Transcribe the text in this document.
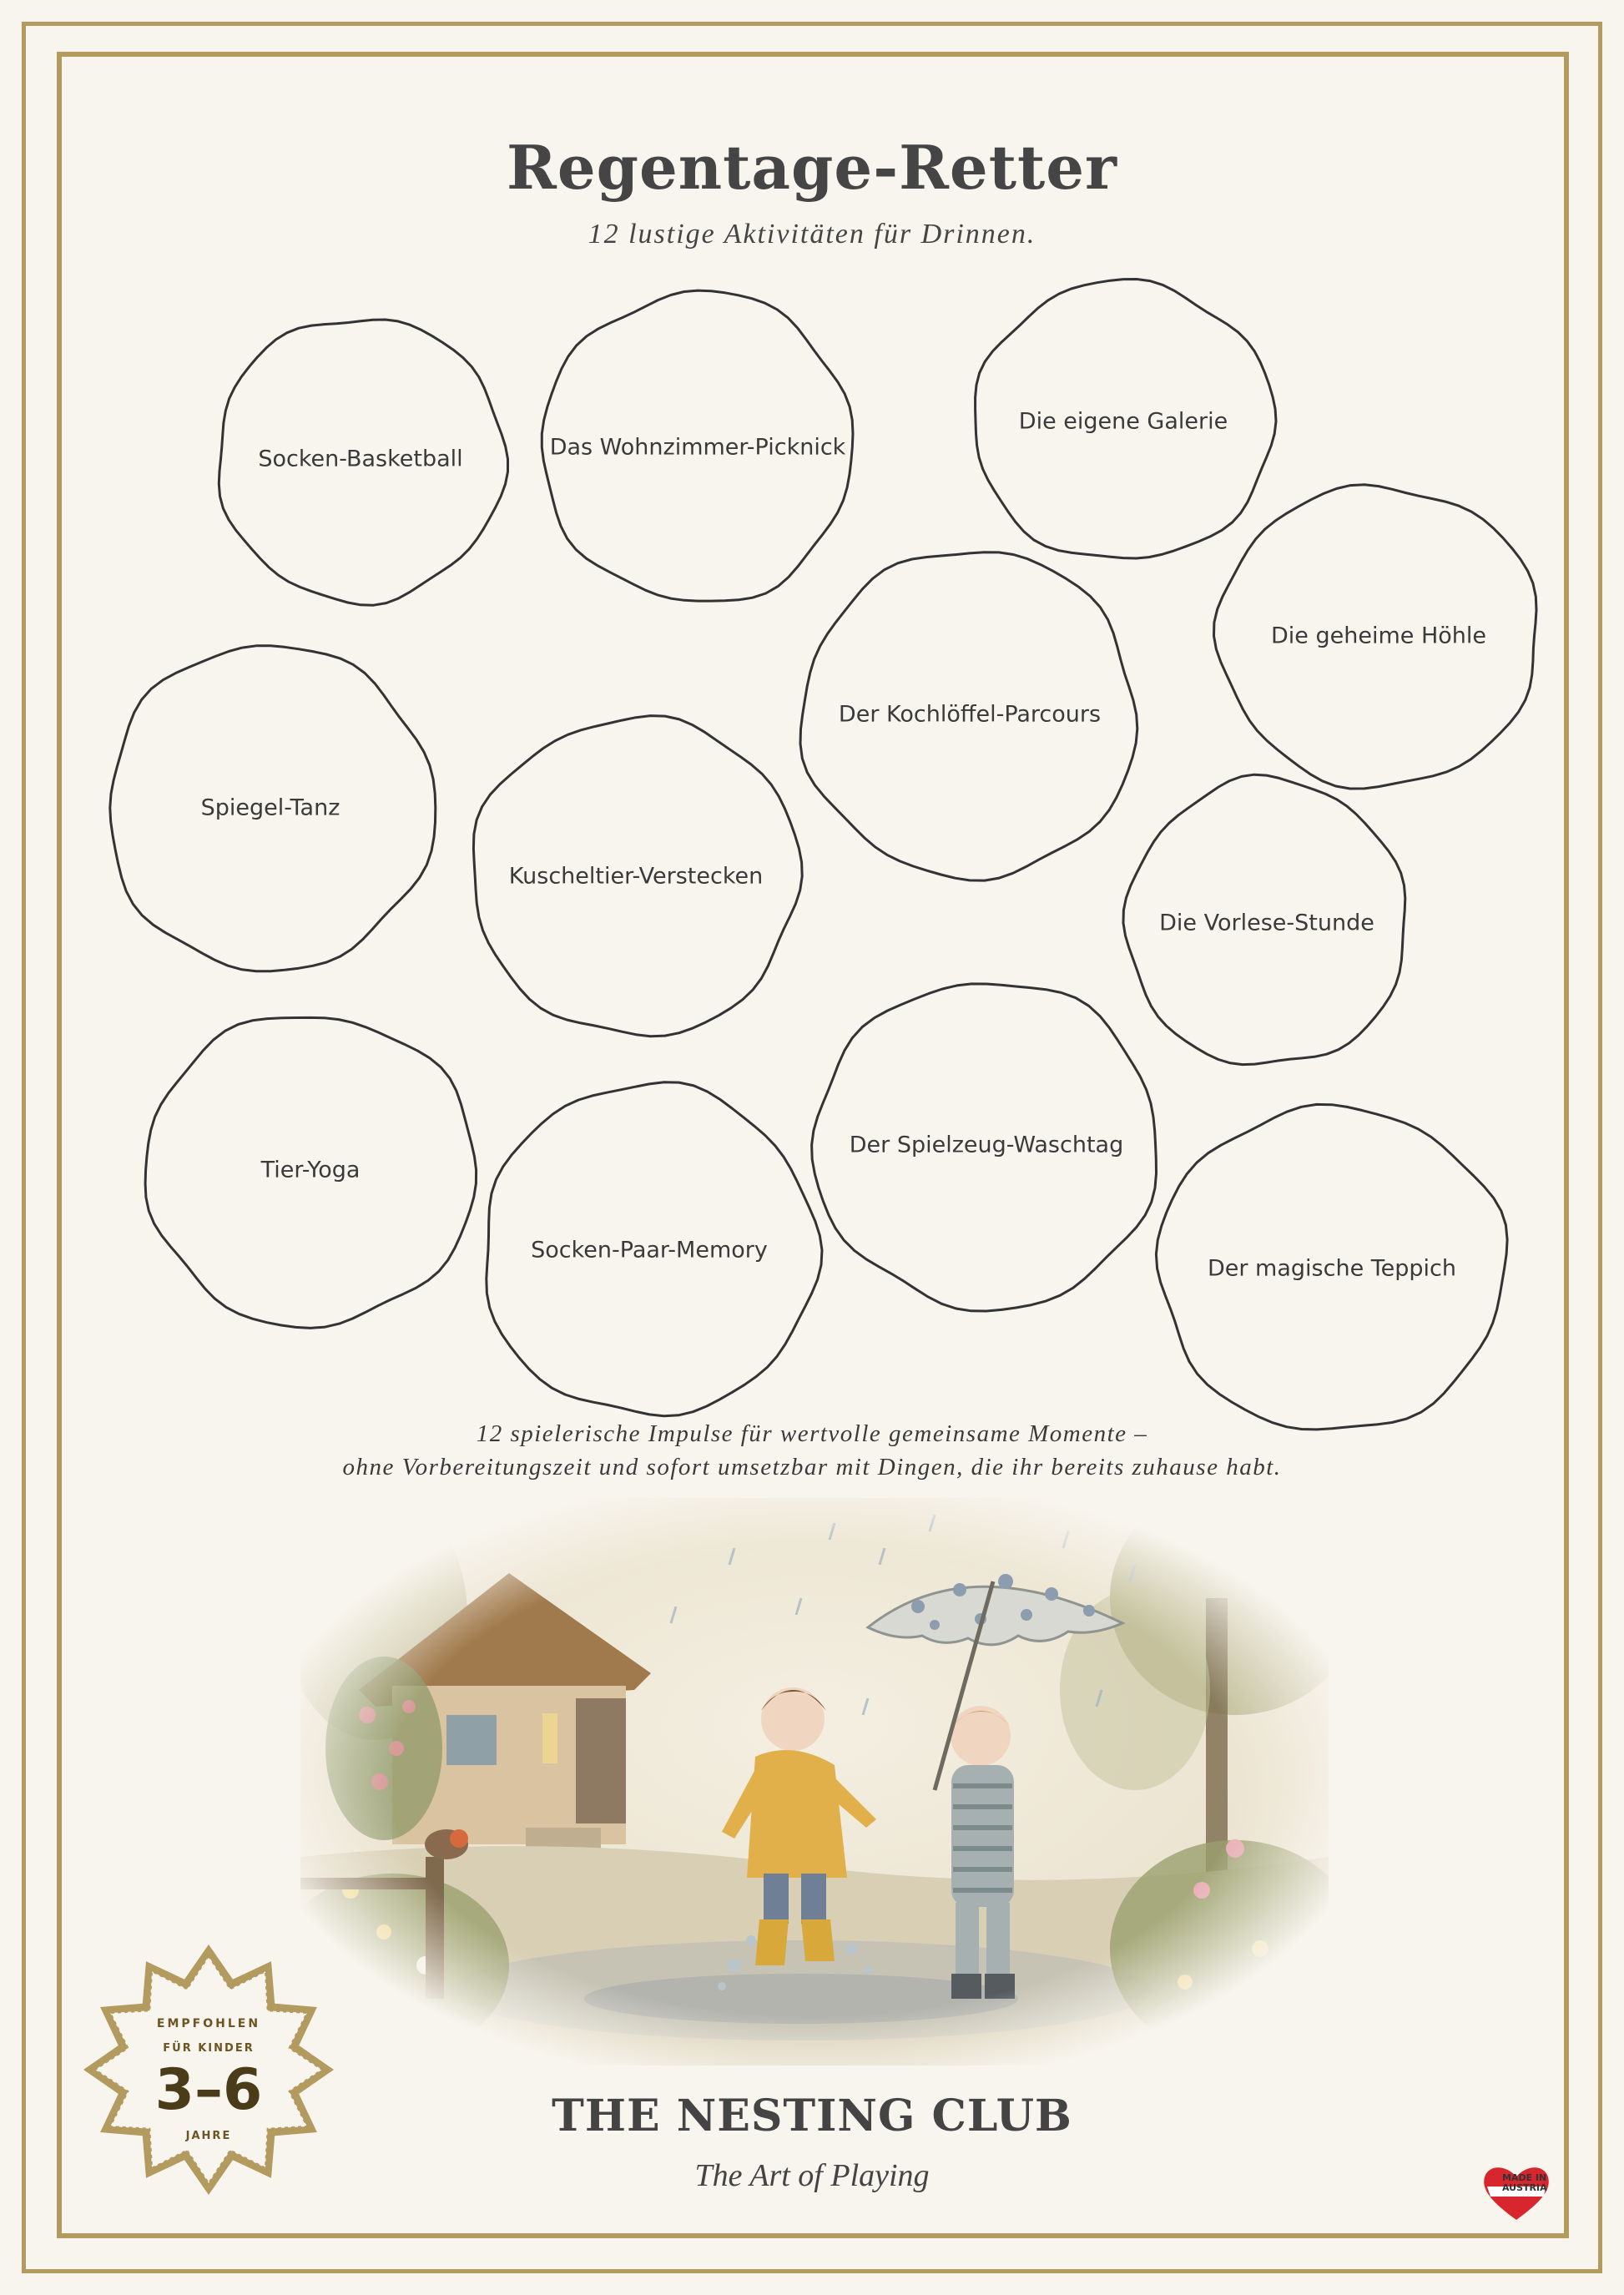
Regentage-Retter
12 lustige Aktivitäten für Drinnen.
Socken-Basketball	Das Wohnzimmer-Picknick
Die eigene Galerie
Die geheime Höhle
Der Kochlöffel-Parcours
Spiegel-Tanz
Kuscheltier-Verstecken
Die Vorlese-Stunde
Tier-Yoga
Der Spielzeug-Waschtag
Socken-Paar-Memory
Der magische Teppich
12 spielerische Impulse für wertvolle gemeinsame Momente –
ohne Vorbereitungszeit und sofort umsetzbar mit Dingen, die ihr bereits zuhause habt.
THE NESTING CLUB
The Art of Playing
EMPFOHLEN
FÜR KINDER
3–6
JAHRE
MADE IN
AUSTRIA
